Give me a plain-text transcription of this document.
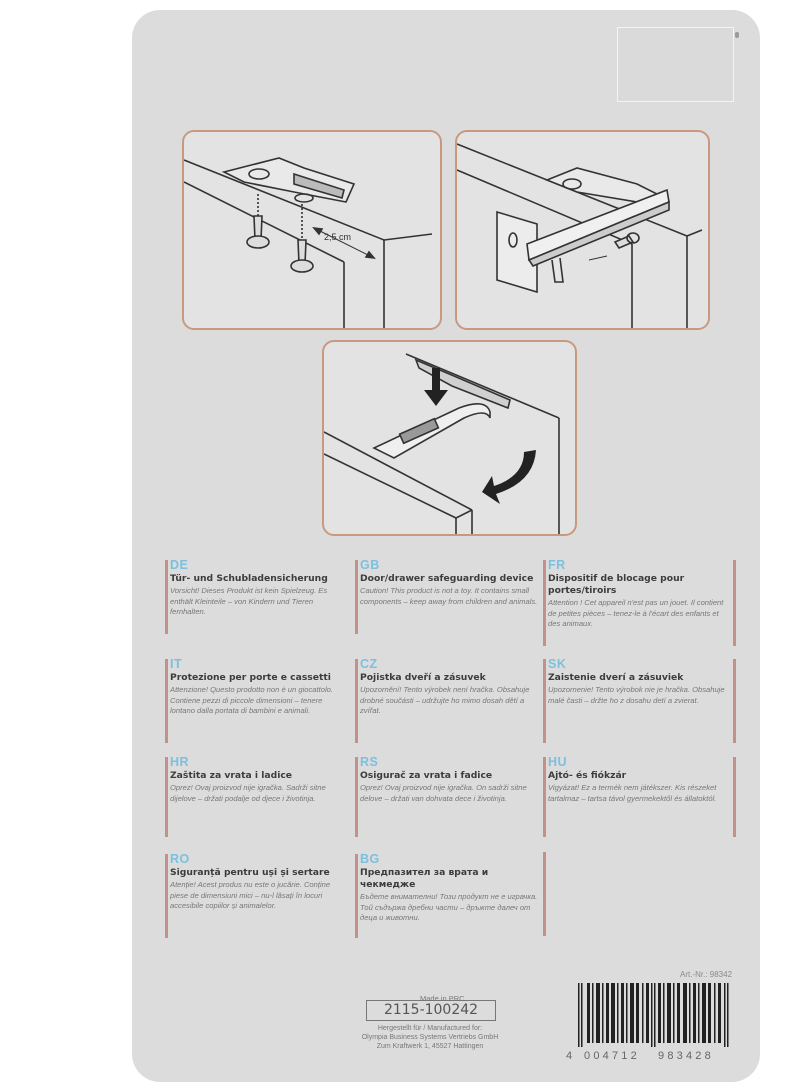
2,5 cm
DE
Tür- und Schubladensicherung
Vorsicht! Dieses Produkt ist kein Spielzeug. Es enthält Kleinteile – von Kindern und Tieren fernhalten.
GB
Door/drawer safeguarding device
Caution! This product is not a toy. It contains small components – keep away from children and animals.
FR
Dispositif de blocage pour portes/tiroirs
Attention ! Cet appareil n'est pas un jouet. Il contient de petites pièces – tenez-le à l'écart des enfants et des animaux.
IT
Protezione per porte e cassetti
Attenzione! Questo prodotto non è un giocattolo. Contiene pezzi di piccole dimensioni – tenere lontano dalla portata di bambini e animali.
CZ
Pojistka dveří a zásuvek
Upozornění! Tento výrobek není hračka. Obsahuje drobné součásti – udržujte ho mimo dosah dětí a zvířat.
SK
Zaistenie dverí a zásuviek
Upozornenie! Tento výrobok nie je hračka. Obsahuje malé časti – držte ho z dosahu detí a zvierat.
HR
Zaštita za vrata i ladice
Oprez! Ovaj proizvod nije igračka. Sadrži sitne dijelove – držati podalje od djece i životinja.
RS
Osigurač za vrata i fadice
Oprez! Ovaj proizvod nije igračka. On sadrži sitne delove – držati van dohvata dece i životinja.
HU
Ajtó- és fiókzár
Vigyázat! Ez a termék nem játékszer. Kis részeket tartalmaz – tartsa távol gyermekektől és állatoktól.
RO
Siguranță pentru uși și sertare
Atenție! Acest produs nu este o jucărie. Conține piese de dimensiuni mici – nu-l lăsați în locuri accesibile copiilor și animalelor.
BG
Предпазител за врата и чекмедже
Бъдете внимателни! Този продукт не е играчка. Той съдържа дребни части – дръжте далеч от деца и животни.
Art.-Nr.: 98342
Made in PRC
2115-100242
Hergestellt für / Manufactured for:
Olympia Business Systems Vertriebs GmbH
Zum Kraftwerk 1, 45527 Hattingen
4 004712 983428
